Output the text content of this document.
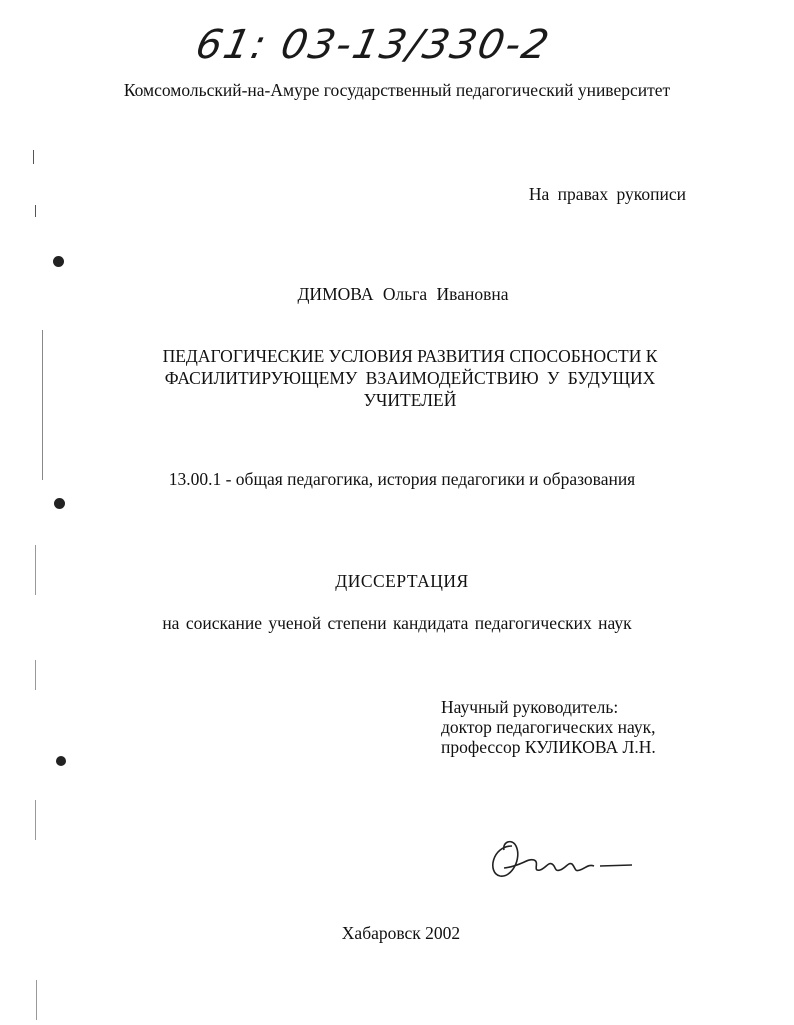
61: 03-13/330-2
Комсомольский-на-Амуре государственный педагогический университет
На правах рукописи
ДИМОВА Ольга Ивановна
ПЕДАГОГИЧЕСКИЕ УСЛОВИЯ РАЗВИТИЯ СПОСОБНОСТИ К
ФАСИЛИТИРУЮЩЕМУ ВЗАИМОДЕЙСТВИЮ У БУДУЩИХ
УЧИТЕЛЕЙ
13.00.1 - общая педагогика, история педагогики и образования
ДИССЕРТАЦИЯ
на соискание ученой степени кандидата педагогических наук
Научный руководитель:
доктор педагогических наук,
профессор КУЛИКОВА Л.Н.
Хабаровск 2002
